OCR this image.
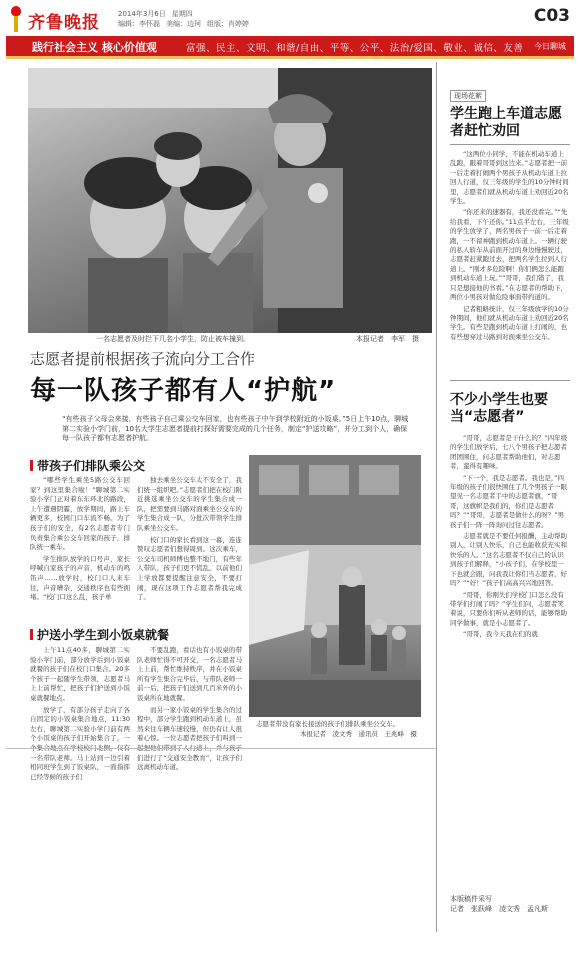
齐鲁晚报	2014年3月6日 星期四
编辑：李怀磊 美编：边珂 组版：肖婷婷	C03
践行社会主义 核心价值观	富强、民主、文明、和谐/自由、平等、公平、法治/爱国、敬业、诚信、友善 今日聊城
一名志愿者及时拦下几名小学生，防止被车撞到。	本报记者　李军　摄
志愿者提前根据孩子流向分工合作
每一队孩子都有人“护航”
“有些孩子父母会来接，有些孩子自己乘公交车回家，也有些孩子中午到学校附近的小饭桌。”5日上午10点，聊城第二实验小学门前，10名大学生志愿者提前打探好需要完成的几个任务，制定“护送攻略”，并分工到个人，确保每一队孩子都有志愿者护航。
带孩子们排队乘公交

“哪些学生乘坐5路公交车回家？到这里集合啦！”聊城第二实验小学门正对着东东环北的路段，上午遭遇阴霾，放学期间，路上车辆更多，校园门口车流不畅。为了孩子们的安全，有2名志愿者专门负责集合乘公交车回家的孩子，排队统一乘车。

学生排队放学的口号声，家长呼喊自家孩子的声音，机动车的鸣笛声……放学时，校门口人来车往，声音嘈杂，交通秩序也有些拥堵。“校门口这么乱，孩子单

独去乘坐公交车太不安全了，我们统一组织吧。”志愿者们把在校门附近挑选乘坐公交车的学生集合成一队，把需要到马路对面乘坐公交车的学生集合成一队，分批次带领学生排队乘坐公交车。

校门口的家长看到这一幕，连连赞叹志愿者们想得周到。这次乘车，公交车司机师傅也整不地门，有些年人带队，孩子们更不慌乱。以前他们上学放都要提醒注意安全，不要打闹，现在这项工作志愿者帮我完成了。

护送小学生到小饭桌就餐

上午11点40多，聊城第二实验小学门前，部分放学后到小饭桌就餐的孩子们在校门口集合。20多个孩子一起随学生带领，志愿者马上上前帮忙，把孩子们护送到小饭桌就餐地点。

放学了，有部分孩子走向了各自固定的小饭桌集合地点，11:30左右，聊城第二实验小学门前有两个小饭桌的孩子们开始集合了，一 一名带队老师。马上站到一边引着相同班学生到了饭桌队，一面指挥已经等候的孩子们

不要乱跑，看话也有小饭桌的带队老师忙得不可开交，一名志愿者马上上前，帮忙维持秩序，并在小饭桌所有学生集合完毕后，与带队老师一前一后，把孩子们送到几百米外的小饭桌所在地就餐。

而另一家小饭桌的学生集合的过程中，部分学生跑到机动车道上，虽然来往车辆车速较慢，但仍有让人很着心惊。一位志愿者把孩子们叫到一 们进行了“交通安全教育”，让孩子们远离机动车道。

志愿者带没有家长接送的孩子们排队乘坐公交车。
本报记者　凌文秀　通讯员　王兆峰　摄
现场花絮
学生跑上车道志愿者赶忙劝回

“这两位小同学，不能在机动车道上乱跑，跟着哥哥到这边来。”志愿者把一前一后走着打闹两个男孩子从机动车道上拉回人行道，仅三年级的学生的10分钟时间里，志愿者们就从机动车道上劝回近20名学生。

“你还来的速器有，我还没看完。”“先给我看，下午还你。”11点半左右，三年级的学生放学了，两名男孩子一前一后走着跑，一不留神跑到机动车道上。一辆行驶的私人轿车从前面开过的身边慢慢驶过，志愿者赶紧跑过去，把两名学生拉到人行道上。“刚才多危险啊！你们俩怎么能跑到机动车道上玩。”“哥哥，我们错了，我只是想接他的书看。”在志愿者的帮助下，两位小男孩对做危险事面带约道的。

记者粗略统计，仅三年级放学的10分钟期间，他们就从机动车道上劝回近20名学生。有些是跑到机动车道上打闹的，也有些想穿过马路到对面乘坐公交车。

不少小学生也要当“志愿者”

“哥哥，志愿者是干什么的？”四年级的学生们放学后，七八个男孩子把志愿者团团围住，问志愿者帮助他们，对志愿者，蛮得有趣味。

“下一个，我是志愿者。我也是，”四年级的孩子们很快围住了几个男孩子一眼望见一名志愿者手中的志愿者旗，“哥哥，这旗帜是我们的，你们是志愿者吗？”“哥哥，志愿者是做什么的呀？”男孩子们一阵一阵询问过往志愿者。

志愿者就是不要任何报酬，主动帮助别人，让别人快乐，自己也能收获充实和快乐的人。“这名志愿者不仅自己的认识到孩子们解释，“小孩子们，在学校里一下也就会跟，问我我让你们当志愿者，好吗？”“好！”孩子们高高兴兴地回答。

“哥哥，你刚失们学校门口怎么没有带学们打闹了吗？”学生们问，志愿者笑着说，只要你们听从老师的话，能够帮助同学做事，就是小志愿者了。

“哥哥，我今天我在们的就

本版稿件采写
记者　张跃峰　凌文秀　孟凡斯
